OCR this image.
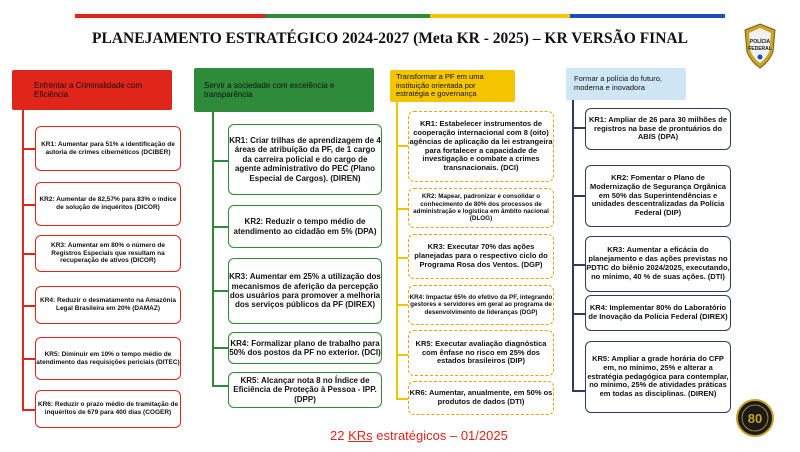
PLANEJAMENTO ESTRATÉGICO 2024-2027 (Meta KR - 2025) – KR VERSÃO FINAL	POLÍCIA
FEDERAL
Enfrentar a Criminalidade com Eficiência
KR1: Aumentar para 51% a identificação de autoria de crimes cibernéticos (DCIBER)
KR2: Aumentar de 82,57% para 83% o índice de solução de inquéritos (DICOR)
KR3: Aumentar em 80% o número de Registros Especiais que resultam na recuperação de ativos (DICOR)
KR4: Reduzir o desmatamento na Amazônia Legal Brasileira em 20% (DAMAZ)
KR5: Diminuir em 10% o tempo médio de atendimento das requisições periciais (DITEC)
KR6: Reduzir o prazo médio de tramitação de inquéritos de 679 para 400 dias (COGER)
Servir a sociedade com excelência e transparência
KR1: Criar trilhas de aprendizagem de 4 áreas de atribuição da PF, de 1 cargo da carreira policial e do cargo de agente administrativo do PEC (Plano Especial de Cargos). (DIREN)
KR2: Reduzir o tempo médio de atendimento ao cidadão em 5% (DPA)
KR3: Aumentar em 25% a utilização dos mecanismos de aferição da percepção dos usuários para promover a melhoria dos serviços públicos da PF (DIREX)
KR4: Formalizar plano de trabalho para 50% dos postos da PF no exterior. (DCI)
KR5: Alcançar nota 8 no Índice de Eficiência de Proteção à Pessoa - IPP. (DPP)
Transformar a PF em uma instituição orientada por estratégia e governança
KR1: Estabelecer instrumentos de cooperação internacional com 8 (oito) agências de aplicação da lei estrangeira para fortalecer a capacidade de investigação e combate a crimes transnacionais. (DCI)
KR2: Mapear, padronizar e consolidar o conhecimento de 80% dos processos de administração e logística em âmbito nacional (DLOG)
KR3: Executar 70% das ações planejadas para o respectivo ciclo do Programa Rosa dos Ventos. (DGP)
KR4: Impactar 65% do efetivo da PF, integrando gestores e servidores em geral ao programa de desenvolvimento de lideranças (DGP)
KR5: Executar avaliação diagnóstica com ênfase no risco em 25% dos estados brasileiros (DIP)
KR6: Aumentar, anualmente, em 50% os produtos de dados (DTI)
Formar a polícia do futuro, moderna e inovadora
KR1: Ampliar de 26 para 30 milhões de registros na base de prontuários do ABIS (DPA)
KR2: Fomentar o Plano de Modernização de Segurança Orgânica em 50% das Superintendências e unidades descentralizadas da Polícia Federal (DIP)
KR3: Aumentar a eficácia do planejamento e das ações previstas no PDTIC do biênio 2024/2025, executando, no mínimo, 40 % de suas ações. (DTI)
KR4: Implementar 80% do Laboratório de Inovação da Polícia Federal (DIREX)
KR5: Ampliar a grade horária do CFP em, no mínimo, 25% e alterar a estratégia pedagógica para contemplar, no mínimo, 25% de atividades práticas em todas as disciplinas. (DIREN)
22 KRs estratégicos – 01/2025
80
